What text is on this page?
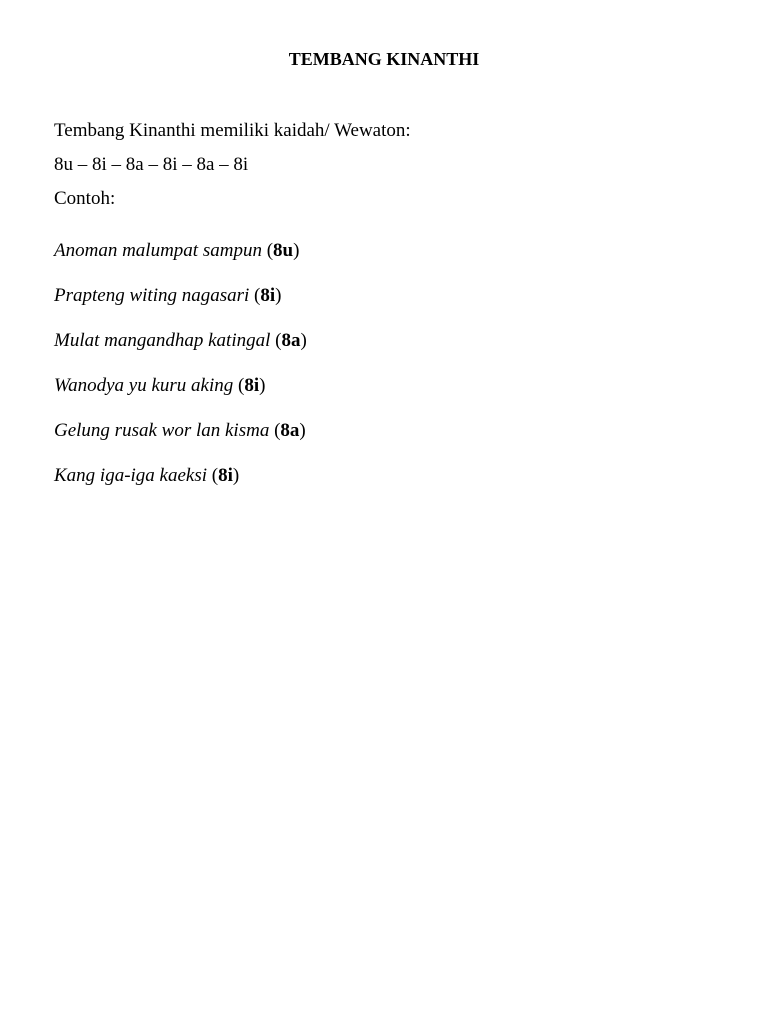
TEMBANG KINANTHI
Tembang Kinanthi memiliki kaidah/ Wewaton:
8u – 8i – 8a – 8i – 8a – 8i
Contoh:
Anoman malumpat sampun (8u)
Prapteng witing nagasari (8i)
Mulat mangandhap katingal (8a)
Wanodya yu kuru aking (8i)
Gelung rusak wor lan kisma (8a)
Kang iga-iga kaeksi (8i)
